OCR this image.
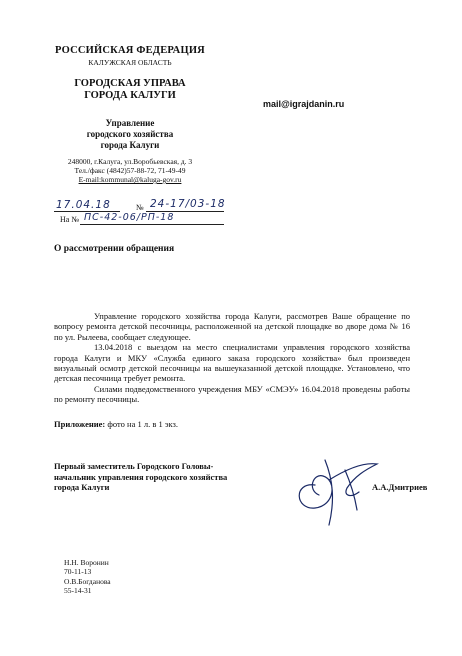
РОССИЙСКАЯ ФЕДЕРАЦИЯ
КАЛУЖСКАЯ ОБЛАСТЬ
ГОРОДСКАЯ УПРАВА
ГОРОДА КАЛУГИ
Управление
городского хозяйства
города Калуги
248000, г.Калуга, ул.Воробьевская, д. 3
Тел./факс (4842)57-88-72, 71-49-49
E-mail:kommunal@kaluga-gov.ru
mail@igrajdanin.ru
17.04.18	№ 24-17/03-18
На № ПС-42-06/РП-18
О рассмотрении обращения

Управление городского хозяйства города Калуги, рассмотрев Ваше обращение по вопросу ремонта детской песочницы, расположенной на детской площадке во дворе дома № 16 по ул. Рылеева, сообщает следующее.

13.04.2018 с выездом на место специалистами управления городского хозяйства города Калуги и МКУ «Служба единого заказа городского хозяйства» был произведен визуальный осмотр детской песочницы на вышеуказанной детской площадке. Установлено, что детская песочница требует ремонта.

Силами подведомственного учреждения МБУ «СМЭУ» 16.04.2018 проведены работы по ремонту песочницы.

Приложение: фото на 1 л. в 1 экз.
Первый заместитель Городского Головы-
начальник управления городского хозяйства
города Калуги	А.А.Дмитриев
Н.Н. Воронин
70-11-13
О.В.Богданова
55-14-31
